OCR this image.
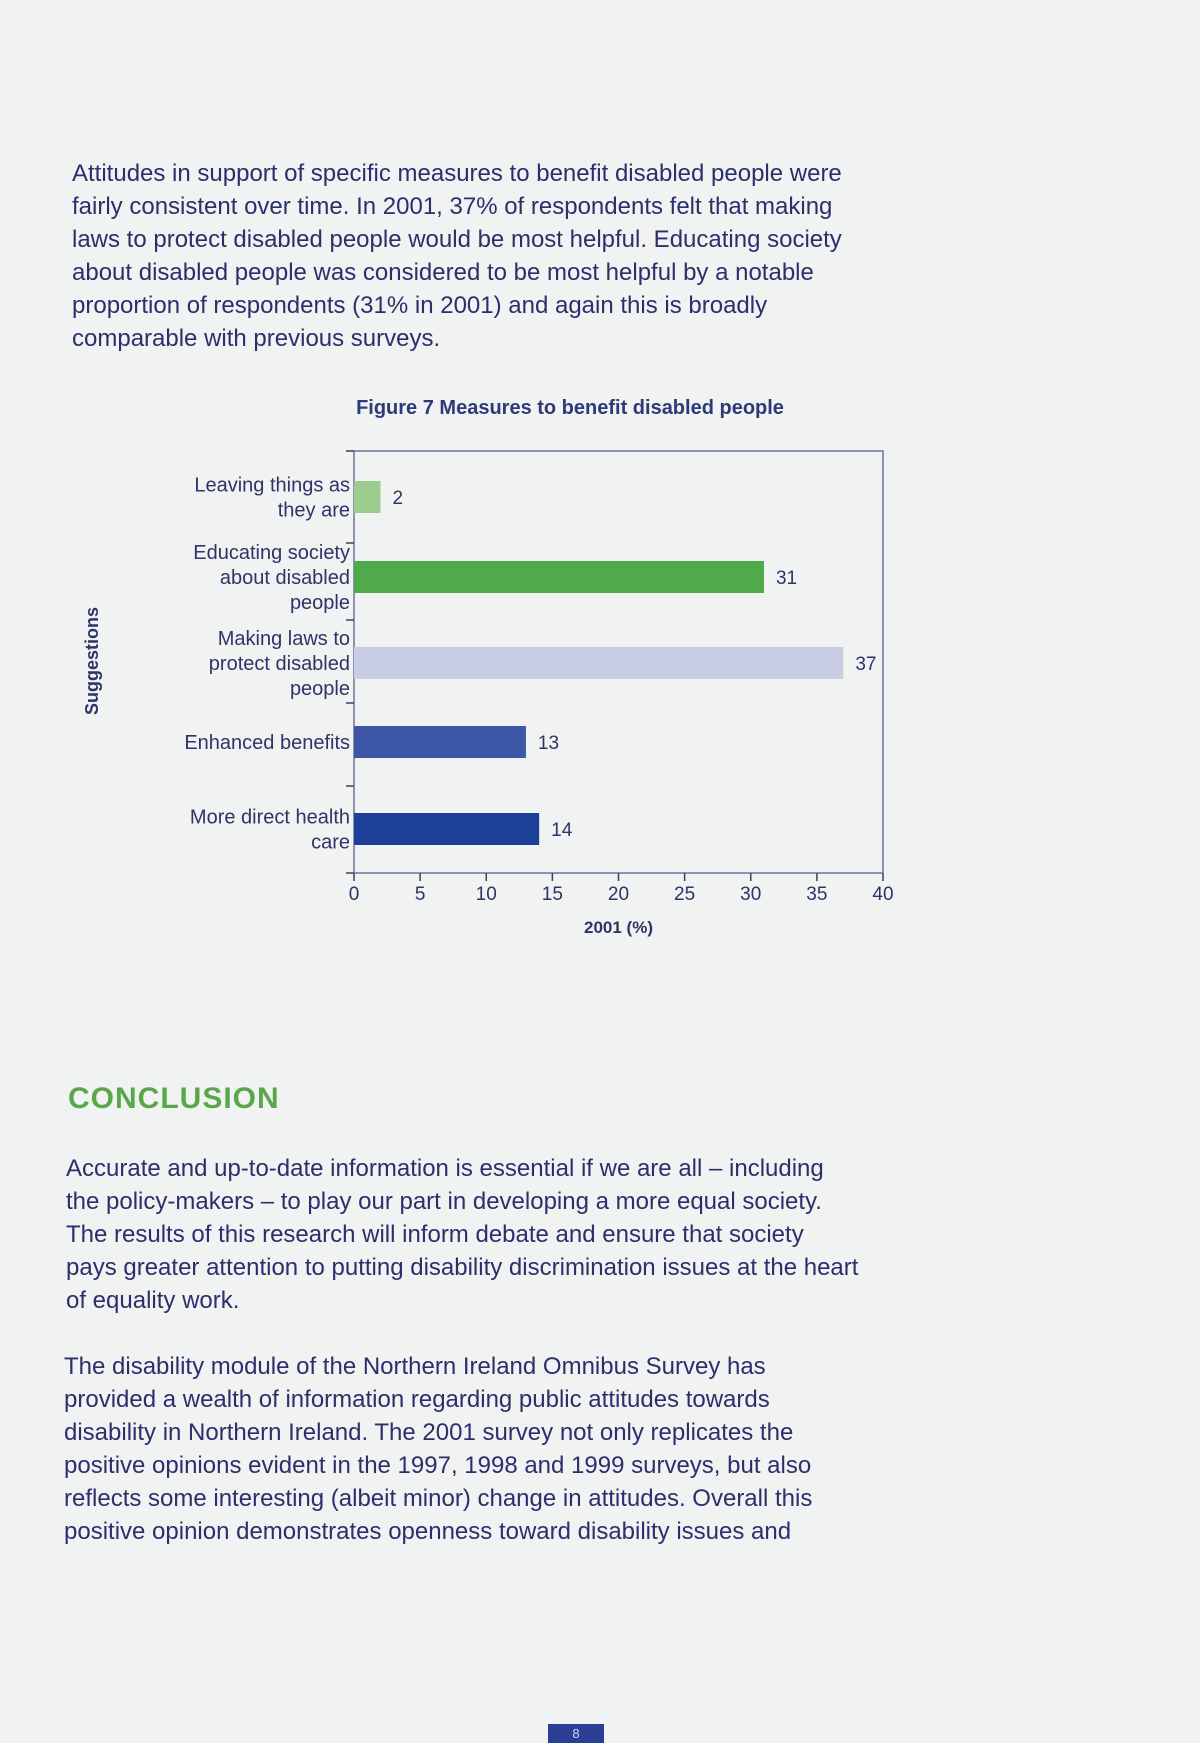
Attitudes in support of specific measures to benefit disabled people were
fairly consistent over time. In 2001, 37% of respondents felt that making
laws to protect disabled people would be most helpful. Educating society
about disabled people was considered to be most helpful by a notable
proportion of respondents (31% in 2001) and again this is broadly
comparable with previous surveys.
Figure 7 Measures to benefit disabled people
2
Leaving things as
they are
31
Educating society
about disabled
people
37
Making laws to
protect disabled
people
13
Enhanced benefits
14
More direct health
care
0	5	10 15 20 25 30 35 40
2001 (%)
Suggestions
CONCLUSION
Accurate and up-to-date information is essential if we are all – including
the policy-makers – to play our part in developing a more equal society.
The results of this research will inform debate and ensure that society
pays greater attention to putting disability discrimination issues at the heart
of equality work.
The disability module of the Northern Ireland Omnibus Survey has
provided a wealth of information regarding public attitudes towards
disability in Northern Ireland. The 2001 survey not only replicates the
positive opinions evident in the 1997, 1998 and 1999 surveys, but also
reflects some interesting (albeit minor) change in attitudes. Overall this
positive opinion demonstrates openness toward disability issues and
8
